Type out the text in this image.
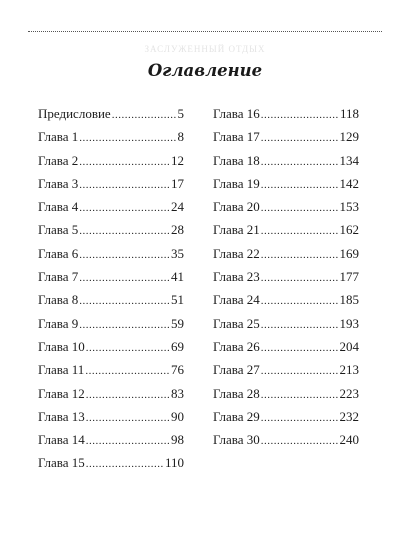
ЗАСЛУЖЕННЫЙ ОТДЫХ
Оглавление
Предисловие .....	5
Глава 1 .....	8
Глава 2 .....	12
Глава 3 .....	17
Глава 4 .....	24
Глава 5 .....	28
Глава 6 .....	35
Глава 7 .....	41
Глава 8 .....	51
Глава 9 .....	59
Глава 10 .....	69
Глава 11 .....	76
Глава 12 .....	83
Глава 13 .....	90
Глава 14 .....	98
Глава 15 .....	110
Глава 16 .....	118
Глава 17 .....	129
Глава 18 .....	134
Глава 19 .....	142
Глава 20 .....	153
Глава 21 .....	162
Глава 22 .....	169
Глава 23 .....	177
Глава 24 .....	185
Глава 25 .....	193
Глава 26 .....	204
Глава 27 .....	213
Глава 28 .....	223
Глава 29 .....	232
Глава 30 .....	240
